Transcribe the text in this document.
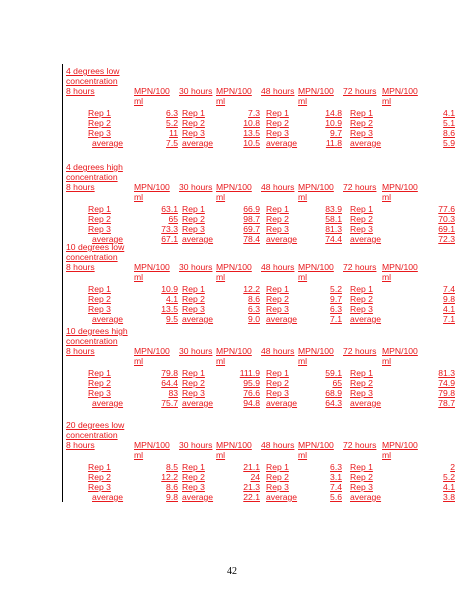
4 degrees low
concentration
8 hours	MPN/100
ml
30 hours MPN/100
ml
48 hours MPN/100
ml
72 hours MPN/100
ml
Rep 1	6.3 Rep 1	7.3 Rep 1	14.8 Rep 1	4.1
Rep 2	5.2 Rep 2	10.8 Rep 2	10.9 Rep 2	5.1
Rep 3	11 Rep 3	13.5 Rep 3	9.7 Rep 3	8.6
average	7.5 average	10.5 average	11.8 average	5.9
4 degrees high
concentration
8 hours	MPN/100
ml
30 hours MPN/100
ml
48 hours MPN/100
ml
72 hours MPN/100
ml
Rep 1	63.1 Rep 1	66.9 Rep 1	83.9 Rep 1	77.6
Rep 2	65 Rep 2	98.7 Rep 2	58.1 Rep 2	70.3
Rep 3	73.3 Rep 3	69.7 Rep 3	81.3 Rep 3	69.1
average	67.1 average	78.4 average	74.4 average	72.3
10 degrees low
concentration
8 hours	MPN/100
ml
30 hours MPN/100
ml
48 hours MPN/100
ml
72 hours MPN/100
ml
Rep 1	10.9 Rep 1	12.2 Rep 1	5.2 Rep 1	7.4
Rep 2	4.1 Rep 2	8.6 Rep 2	9.7 Rep 2	9.8
Rep 3	13.5 Rep 3	6.3 Rep 3	6.3 Rep 3	4.1
average	9.5 average	9.0 average	7.1 average	7.1
10 degrees high
concentration
8 hours	MPN/100
ml
30 hours MPN/100
ml
48 hours MPN/100
ml
72 hours MPN/100
ml
Rep 1	79.8 Rep 1	111.9 Rep 1	59.1 Rep 1	81.3
Rep 2	64.4 Rep 2	95.9 Rep 2	65 Rep 2	74.9
Rep 3	83 Rep 3	76.6 Rep 3	68.9 Rep 3	79.8
average	75.7 average	94.8 average	64.3 average	78.7
20 degrees low
concentration
8 hours	MPN/100
ml
30 hours MPN/100
ml
48 hours MPN/100
ml
72 hours MPN/100
ml
Rep 1	8.5 Rep 1	21.1 Rep 1	6.3 Rep 1	2
Rep 2	12.2 Rep 2	24 Rep 2	3.1 Rep 2	5.2
Rep 3	8.6 Rep 3	21.3 Rep 3	7.4 Rep 3	4.1
average	9.8 average	22.1 average	5.6 average	3.8
42
